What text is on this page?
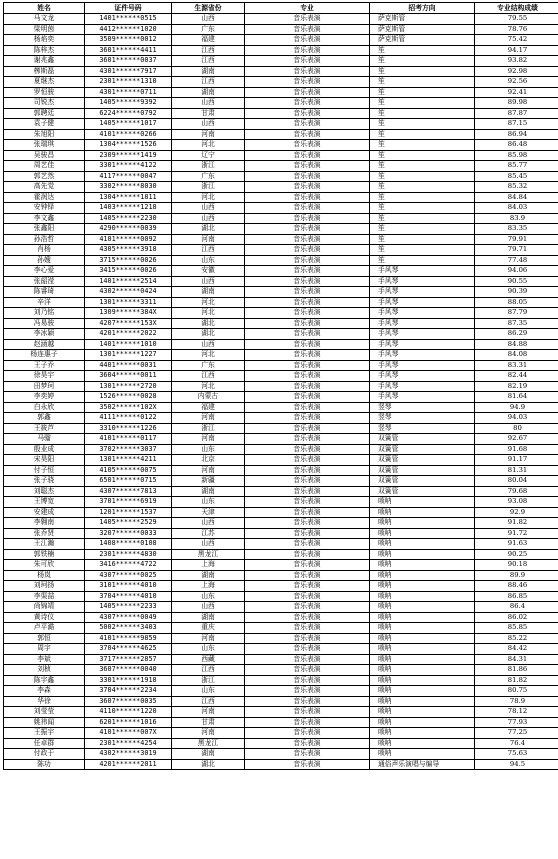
姓名	证件号码	生源省份	专业	招考方向	专业结构成绩
马文龙	1401******0515	山西	音乐表演	萨克斯管	79.55
梁明茵	4412******1020	广东	音乐表演	萨克斯管	78.76
杨焰奕	3509******0012	福建	音乐表演	萨克斯管	75.42
陈梓杰	3601******4411	江西	音乐表演	笙	94.17
谢兆鑫	3601******0037	江西	音乐表演	笙	93.82
栁斯磊	4301******7917	湖南	音乐表演	笙	92.98
夏继杰	2301******1310	江西	音乐表演	笙	92.56
罗恒骏	4301******0711	湖南	音乐表演	笙	92.41
司锐杰	1405******9392	山西	音乐表演	笙	89.98
郭聘廷	6224******0792	甘肃	音乐表演	笙	87.87
袁子健	1405******1017	山西	音乐表演	笙	87.15
朱旭阳	4101******0266	河南	音乐表演	笙	86.94
张瑞琪	1304******1526	河北	音乐表演	笙	86.48
吴骏昌	2309******1419	辽宁	音乐表演	笙	85.98
周艺佳	3301******4122	浙江	音乐表演	笙	85.77
郭艺然	4117******0047	广东	音乐表演	笙	85.45
高先觉	3302******8030	浙江	音乐表演	笙	85.32
霍润达	1304******1811	河北	音乐表演	笙	84.84
安钟铎	1403******1218	山西	音乐表演	笙	84.03
李文鑫	1405******2230	山西	音乐表演	笙	83.9
张鑫阳	4290******0039	湖北	音乐表演	笙	83.35
孙浩哲	4101******0092	河南	音乐表演	笙	79.91
肖杨	4305******3918	江西	音乐表演	笙	79.71
孙嫂	3715******0026	山东	音乐表演	笙	77.48
李心爱	3415******0026	安徽	音乐表演	手风琴	94.06
张韶滢	1401******2514	山西	音乐表演	手风琴	90.55
陈睿琦	4302******0424	湖南	音乐表演	手风琴	90.39
辛洋	1301******3311	河北	音乐表演	手风琴	88.05
刘乃铭	1309******384X	河北	音乐表演	手风琴	87.79
冯易骏	4207******153X	湖北	音乐表演	手风琴	87.35
李冰颖	4201******2022	湖北	音乐表演	手风琴	86.29
赵涵越	1401******1010	山西	音乐表演	手风琴	84.88
杨连惠子	1301******1227	河北	音乐表演	手风琴	84.08
王子乔	4401******0031	广东	音乐表演	手风琴	83.31
徐昊宇	3604******0011	江西	音乐表演	手风琴	82.44
田梦珂	1301******2720	河北	音乐表演	手风琴	82.19
李奕婷	1526******0028	内蒙古	音乐表演	手风琴	81.64
白永欣	3502******102X	福建	音乐表演	竖琴	94.9
郭鑫	4111******0122	河南	音乐表演	竖琴	94.03
王筱芦	3310******1226	浙江	音乐表演	竖琴	80
马骝	4101******0117	河南	音乐表演	双簧管	92.67
殷业成	3702******3037	山东	音乐表演	双簧管	91.68
宋昊阳	1301******4211	北京	音乐表演	双簧管	91.17
付子恒	4105******0075	河南	音乐表演	双簧管	81.31
张子骁	6501******0715	新疆	音乐表演	双簧管	80.04
刘聪杰	4307******7813	湖南	音乐表演	双簧管	79.68
王博宽	3701******6919	山东	音乐表演	唢呐	93.08
安建成	1201******1537	天津	音乐表演	唢呐	92.9
李翱南	1405******2529	山西	音乐表演	唢呐	91.82
张乔贤	3207******0033	江苏	音乐表演	唢呐	91.72
王江瀚	1408******0108	山西	音乐表演	唢呐	91.63
郭铁楠	2301******4830	黑龙江	音乐表演	唢呐	90.25
朱可欣	3416******4722	上海	音乐表演	唢呐	90.18
杨岚	4307******0025	湖南	音乐表演	唢呐	89.9
刘珂扬	3101******4010	上海	音乐表演	唢呐	88.46
李渠喆	3704******4010	山东	音乐表演	唢呐	86.85
尚锦靖	1405******2233	山西	音乐表演	唢呐	86.4
黄诗仪	4307******0049	湖南	音乐表演	唢呐	86.02
卢平澔	5002******3403	重庆	音乐表演	唢呐	85.85
郭恒	4101******9859	河南	音乐表演	唢呐	85.22
周宇	3704******4625	山东	音乐表演	唢呐	84.42
李斌	3717******2857	西藏	音乐表演	唢呐	84.31
刘桢	3607******0040	江西	音乐表演	唢呐	81.86
陈宇鑫	3301******1918	浙江	音乐表演	唢呐	81.82
李森	3704******2234	山东	音乐表演	唢呐	80.75
华徐	3607******0035	江西	音乐表演	唢呐	78.9
刘莹莹	4110******1220	河南	音乐表演	唢呐	78.12
姚祎闻	6201******1016	甘肃	音乐表演	唢呐	77.93
王振宇	4101******007X	河南	音乐表演	唢呐	77.25
任卓群	2301******4254	黑龙江	音乐表演	唢呐	76.4
付政于	4302******3019	湖南	音乐表演	唢呐	75.63
陈功	4201******2011	湖北	音乐表演	通俗声乐演唱与编导	94.5
